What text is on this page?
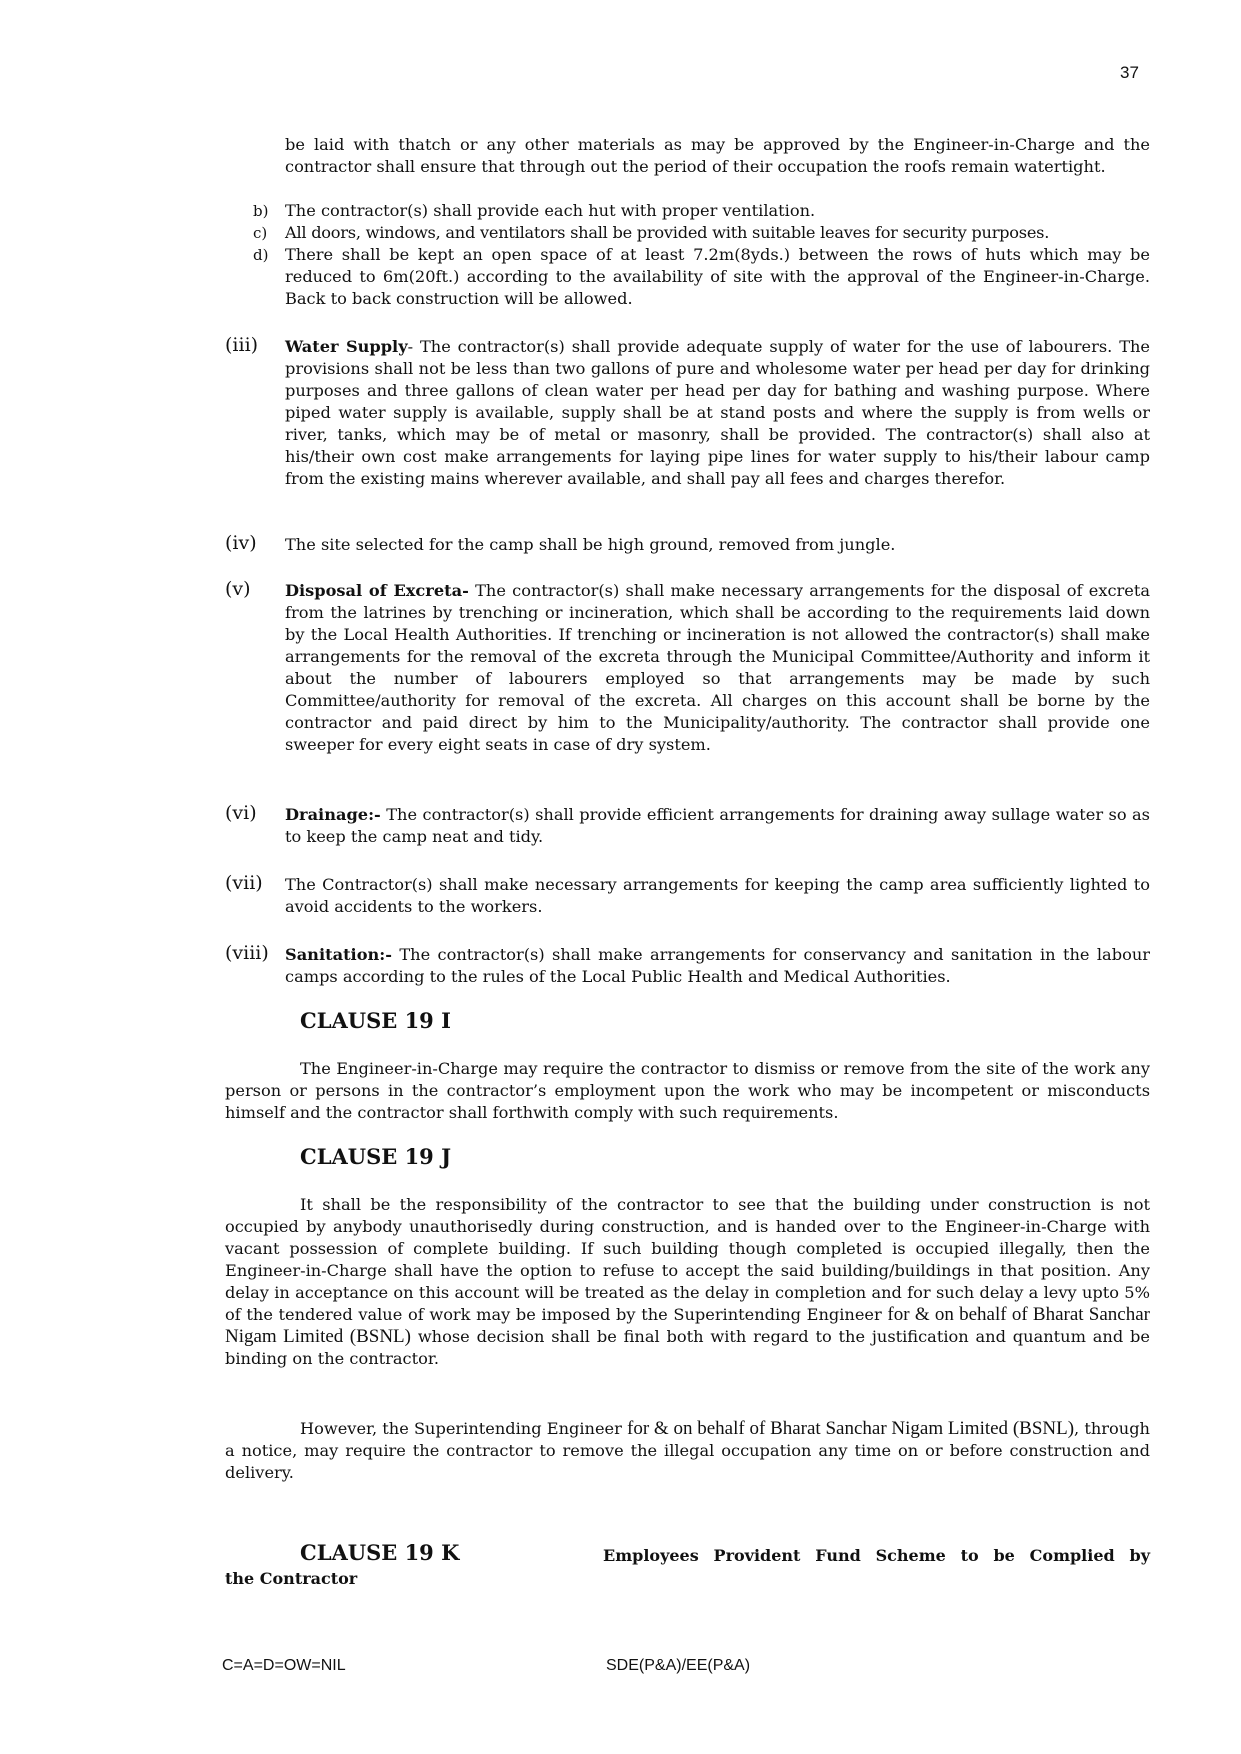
37

be laid with thatch or any other materials as may be approved by the Engineer-in-Charge and the contractor shall ensure that through out the period of their occupation the roofs remain watertight.

b) The contractor(s) shall provide each hut with proper ventilation.

c) All doors, windows, and ventilators shall be provided with suitable leaves for security purposes.

d) There shall be kept an open space of at least 7.2m(8yds.) between the rows of huts which may be reduced to 6m(20ft.) according to the availability of site with the approval of the Engineer-in-Charge. Back to back construction will be allowed.

(iii) Water Supply- The contractor(s) shall provide adequate supply of water for the use of labourers. The provisions shall not be less than two gallons of pure and wholesome water per head per day for drinking purposes and three gallons of clean water per head per day for bathing and washing purpose. Where piped water supply is available, supply shall be at stand posts and where the supply is from wells or river, tanks, which may be of metal or masonry, shall be provided. The contractor(s) shall also at his/their own cost make arrangements for laying pipe lines for water supply to his/their labour camp from the existing mains wherever available, and shall pay all fees and charges therefor.

(iv) The site selected for the camp shall be high ground, removed from jungle.

(v) Disposal of Excreta- The contractor(s) shall make necessary arrangements for the disposal of excreta from the latrines by trenching or incineration, which shall be according to the requirements laid down by the Local Health Authorities. If trenching or incineration is not allowed the contractor(s) shall make arrangements for the removal of the excreta through the Municipal Committee/Authority and inform it about the number of labourers employed so that arrangements may be made by such Committee/authority for removal of the excreta. All charges on this account shall be borne by the contractor and paid direct by him to the Municipality/authority. The contractor shall provide one sweeper for every eight seats in case of dry system.

(vi) Drainage:- The contractor(s) shall provide efficient arrangements for draining away sullage water so as to keep the camp neat and tidy.

(vii) The Contractor(s) shall make necessary arrangements for keeping the camp area sufficiently lighted to avoid accidents to the workers.

(viii) Sanitation:- The contractor(s) shall make arrangements for conservancy and sanitation in the labour camps according to the rules of the Local Public Health and Medical Authorities.

CLAUSE 19 I

The Engineer-in-Charge may require the contractor to dismiss or remove from the site of the work any person or persons in the contractor’s employment upon the work who may be incompetent or misconducts himself and the contractor shall forthwith comply with such requirements.

CLAUSE 19 J

It shall be the responsibility of the contractor to see that the building under construction is not occupied by anybody unauthorisedly during construction, and is handed over to the Engineer-in-Charge with vacant possession of complete building. If such building though completed is occupied illegally, then the Engineer-in-Charge shall have the option to refuse to accept the said building/buildings in that position. Any delay in acceptance on this account will be treated as the delay in completion and for such delay a levy upto 5% of the tendered value of work may be imposed by the Superintending Engineer for & on behalf of Bharat Sanchar Nigam Limited (BSNL) whose decision shall be final both with regard to the justification and quantum and be binding on the contractor.

However, the Superintending Engineer for & on behalf of Bharat Sanchar Nigam Limited (BSNL), through a notice, may require the contractor to remove the illegal occupation any time on or before construction and delivery.

CLAUSE 19 K	Employees Provident Fund Scheme to be Complied by
the Contractor
C=A=D=OW=NIL	SDE(P&A)/EE(P&A)
